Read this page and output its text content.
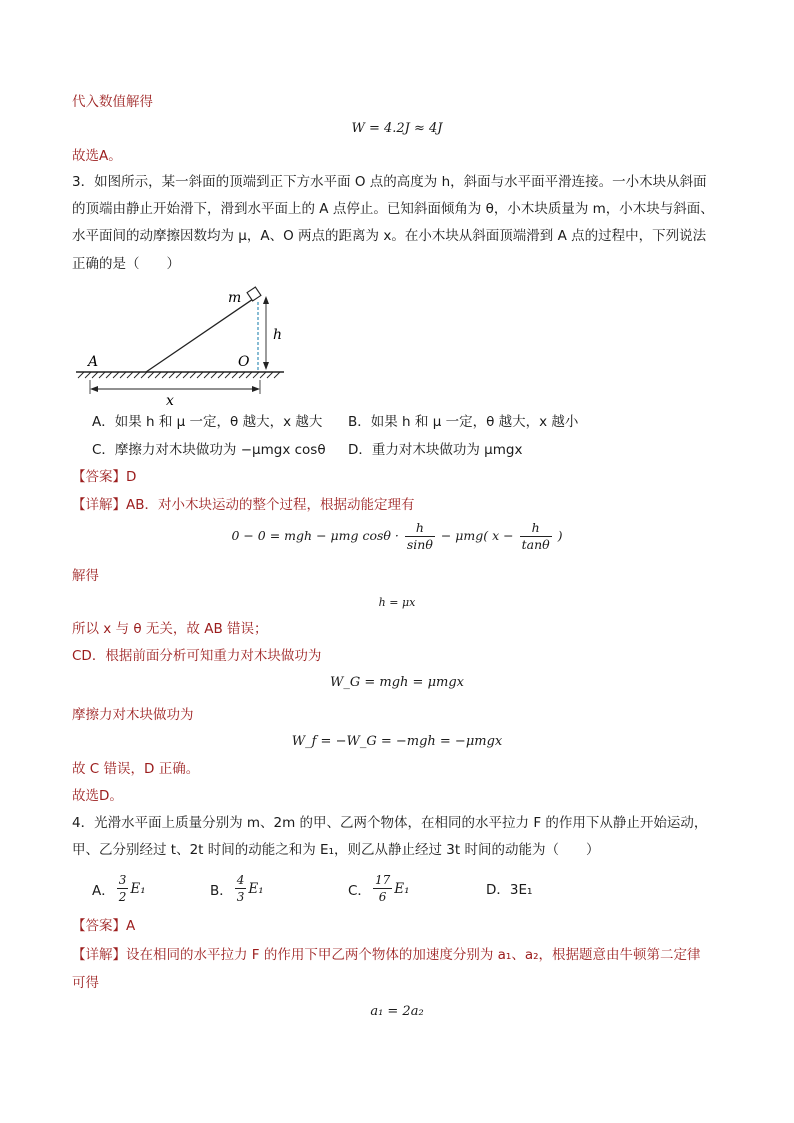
代入数值解得
W = 4.2J ≈ 4J
故选A。
3．如图所示，某一斜面的顶端到正下方水平面 O 点的高度为 h，斜面与水平面平滑连接。一小木块从斜面
的顶端由静止开始滑下，滑到水平面上的 A 点停止。已知斜面倾角为 θ，小木块质量为 m，小木块与斜面、
水平面间的动摩擦因数均为 μ，A、O 两点的距离为 x。在小木块从斜面顶端滑到 A 点的过程中，下列说法
正确的是（　　）
m
h
A	O
x
A．如果 h 和 μ 一定，θ 越大，x 越大 B．如果 h 和 μ 一定，θ 越大，x 越小
C．摩擦力对木块做功为 −μmgx cosθ D．重力对木块做功为 μmgx
【答案】D
【详解】AB．对小木块运动的整个过程，根据动能定理有
0 − 0 = mgh − μmg $\cos\theta \cdot \frac{h}{\sin\theta} - \mu mg$( $x - \frac{h}{\tan\theta}$ )
解得
h = μx
所以 x 与 θ 无关，故 AB 错误；
CD．根据前面分析可知重力对木块做功为
W_G = mgh = μmgx
摩擦力对木块做功为
W_f = −W_G = −mgh = −μmgx
故 C 错误，D 正确。
故选D。
4．光滑水平面上质量分别为 m、2m 的甲、乙两个物体，在相同的水平拉力 F 的作用下从静止开始运动，
甲、乙分别经过 t、2t 时间的动能之和为 E₁，则乙从静止经过 3t 时间的动能为（　　）
A． $\frac{3}{2} E_1$	B． $\frac{4}{3} E_1$	C． $\frac{17}{6} E_1$	D．3E₁
【答案】A
【详解】设在相同的水平拉力 F 的作用下甲乙两个物体的加速度分别为 a₁、a₂，根据题意由牛顿第二定律
可得
a₁ = 2a₂
